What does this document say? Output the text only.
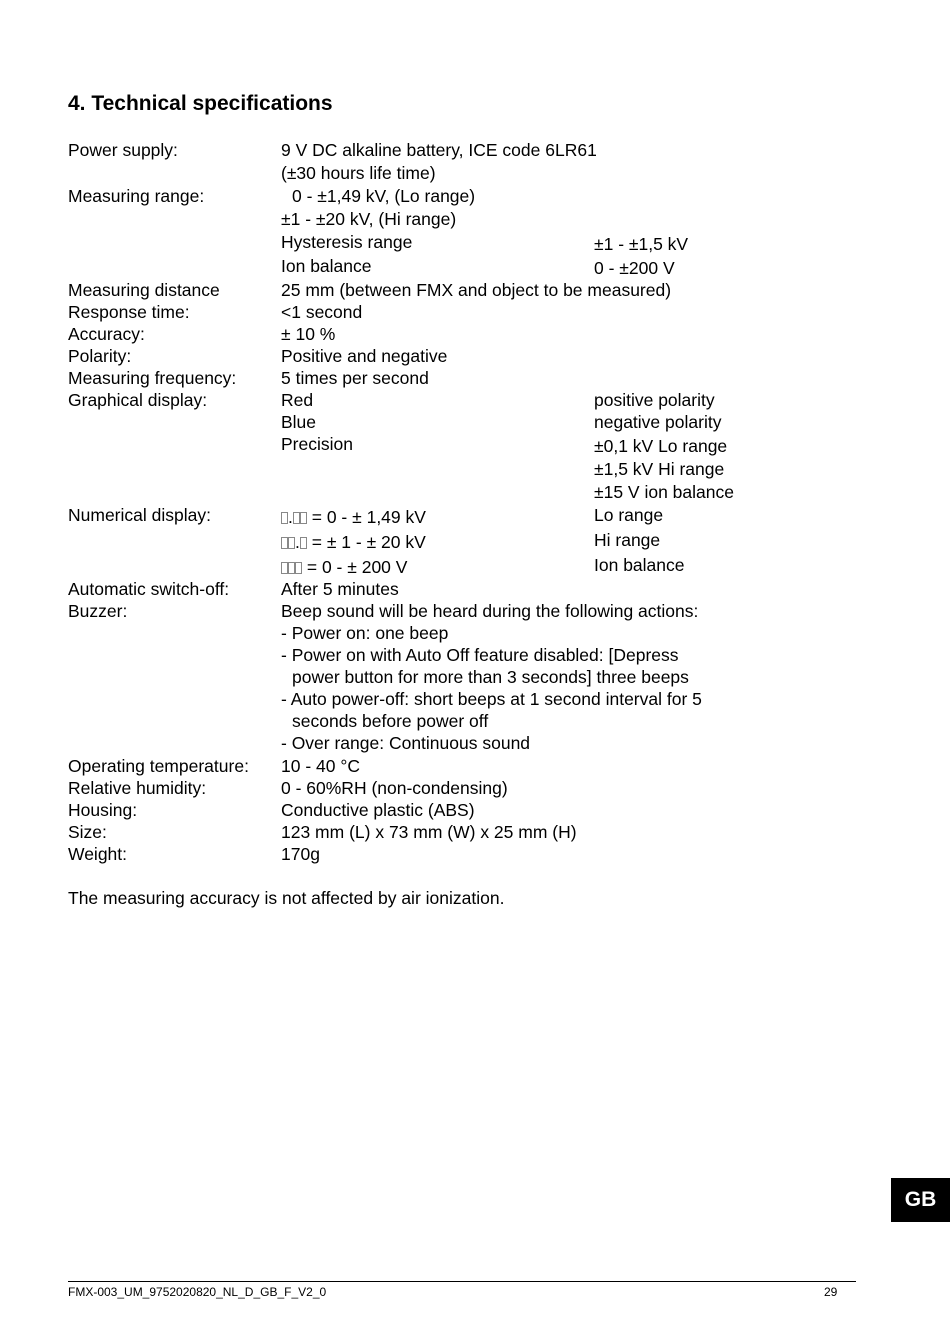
4. Technical specifications
Power supply:	9 V DC alkaline battery, ICE code 6LR61
(±30 hours life time)
Measuring range:	0 - ±1,49 kV, (Lo range)
±1 - ±20 kV, (Hi range)
Hysteresis range	±1 - ±1,5 kV
Ion balance	0 - ±200 V
Measuring distance	25 mm (between FMX and object to be measured)
Response time:	<1 second
Accuracy:	± 10 %
Polarity:	Positive and negative
Measuring frequency:	5 times per second
Graphical display:	Red	positive polarity
Blue	negative polarity
Precision	±0,1 kV Lo range
±1,5 kV Hi range
±15 V ion balance
Numerical display:	. = 0 - ± 1,49 kV	Lo range
. = ± 1 - ± 20 kV	Hi range
= 0 - ± 200 V	Ion balance
Automatic switch-off:	After 5 minutes
Buzzer:	Beep sound will be heard during the following actions:
- Power on: one beep
- Power on with Auto Off feature disabled: [Depress
power button for more than 3 seconds] three beeps
- Auto power-off: short beeps at 1 second interval for 5
seconds before power off
- Over range: Continuous sound
Operating temperature: 10 - 40 °C
Relative humidity:	0 - 60%RH (non-condensing)
Housing:	Conductive plastic (ABS)
Size:	123 mm (L) x 73 mm (W) x 25 mm (H)
Weight:	170g
The measuring accuracy is not affected by air ionization.
GB
FMX-003_UM_9752020820_NL_D_GB_F_V2_0	29
